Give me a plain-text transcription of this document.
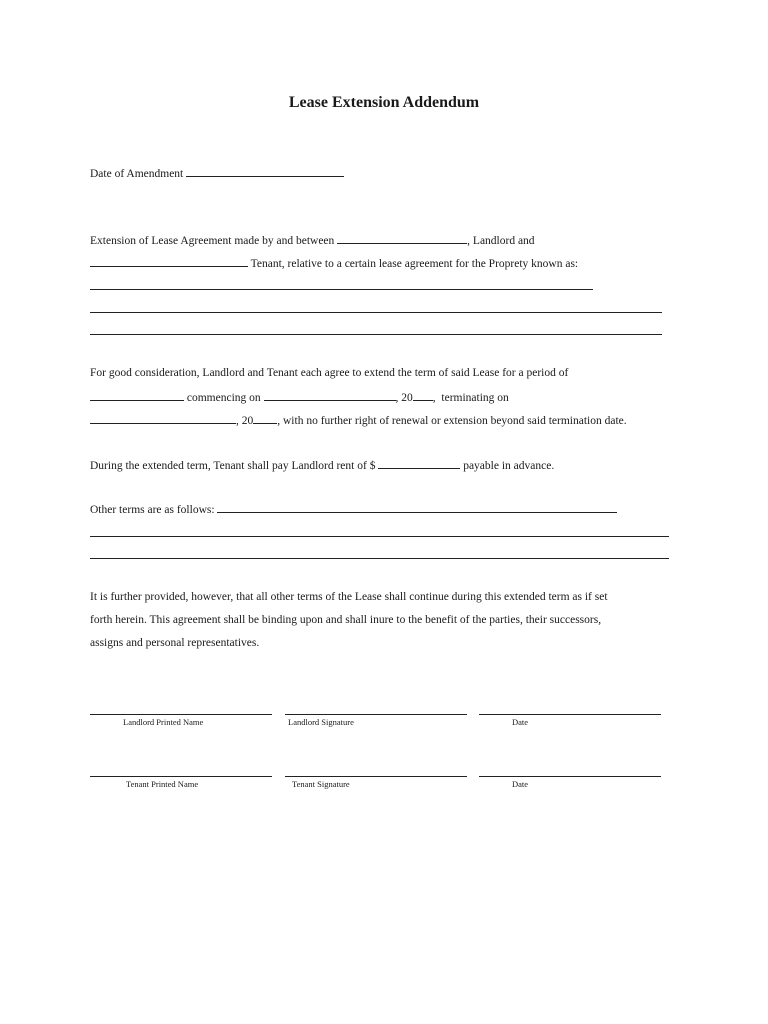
Lease Extension Addendum
Date of Amendment
Extension of Lease Agreement made by and between	, Landlord and
Tenant, relative to a certain lease agreement for the Proprety known as:
For good consideration, Landlord and Tenant each agree to extend the term of said Lease for a period of
commencing on	, 20 ,  terminating on
, 20 , with no further right of renewal or extension beyond said termination date.
During the extended term, Tenant shall pay Landlord rent of $	payable in advance.
Other terms are as follows:
It is further provided, however, that all other terms of the Lease shall continue during this extended term as if set
forth herein. This agreement shall be binding upon and shall inure to the benefit of the parties, their successors,
assigns and personal representatives.
Landlord Printed Name	Landlord Signature	Date
Tenant Printed Name	Tenant Signature	Date
